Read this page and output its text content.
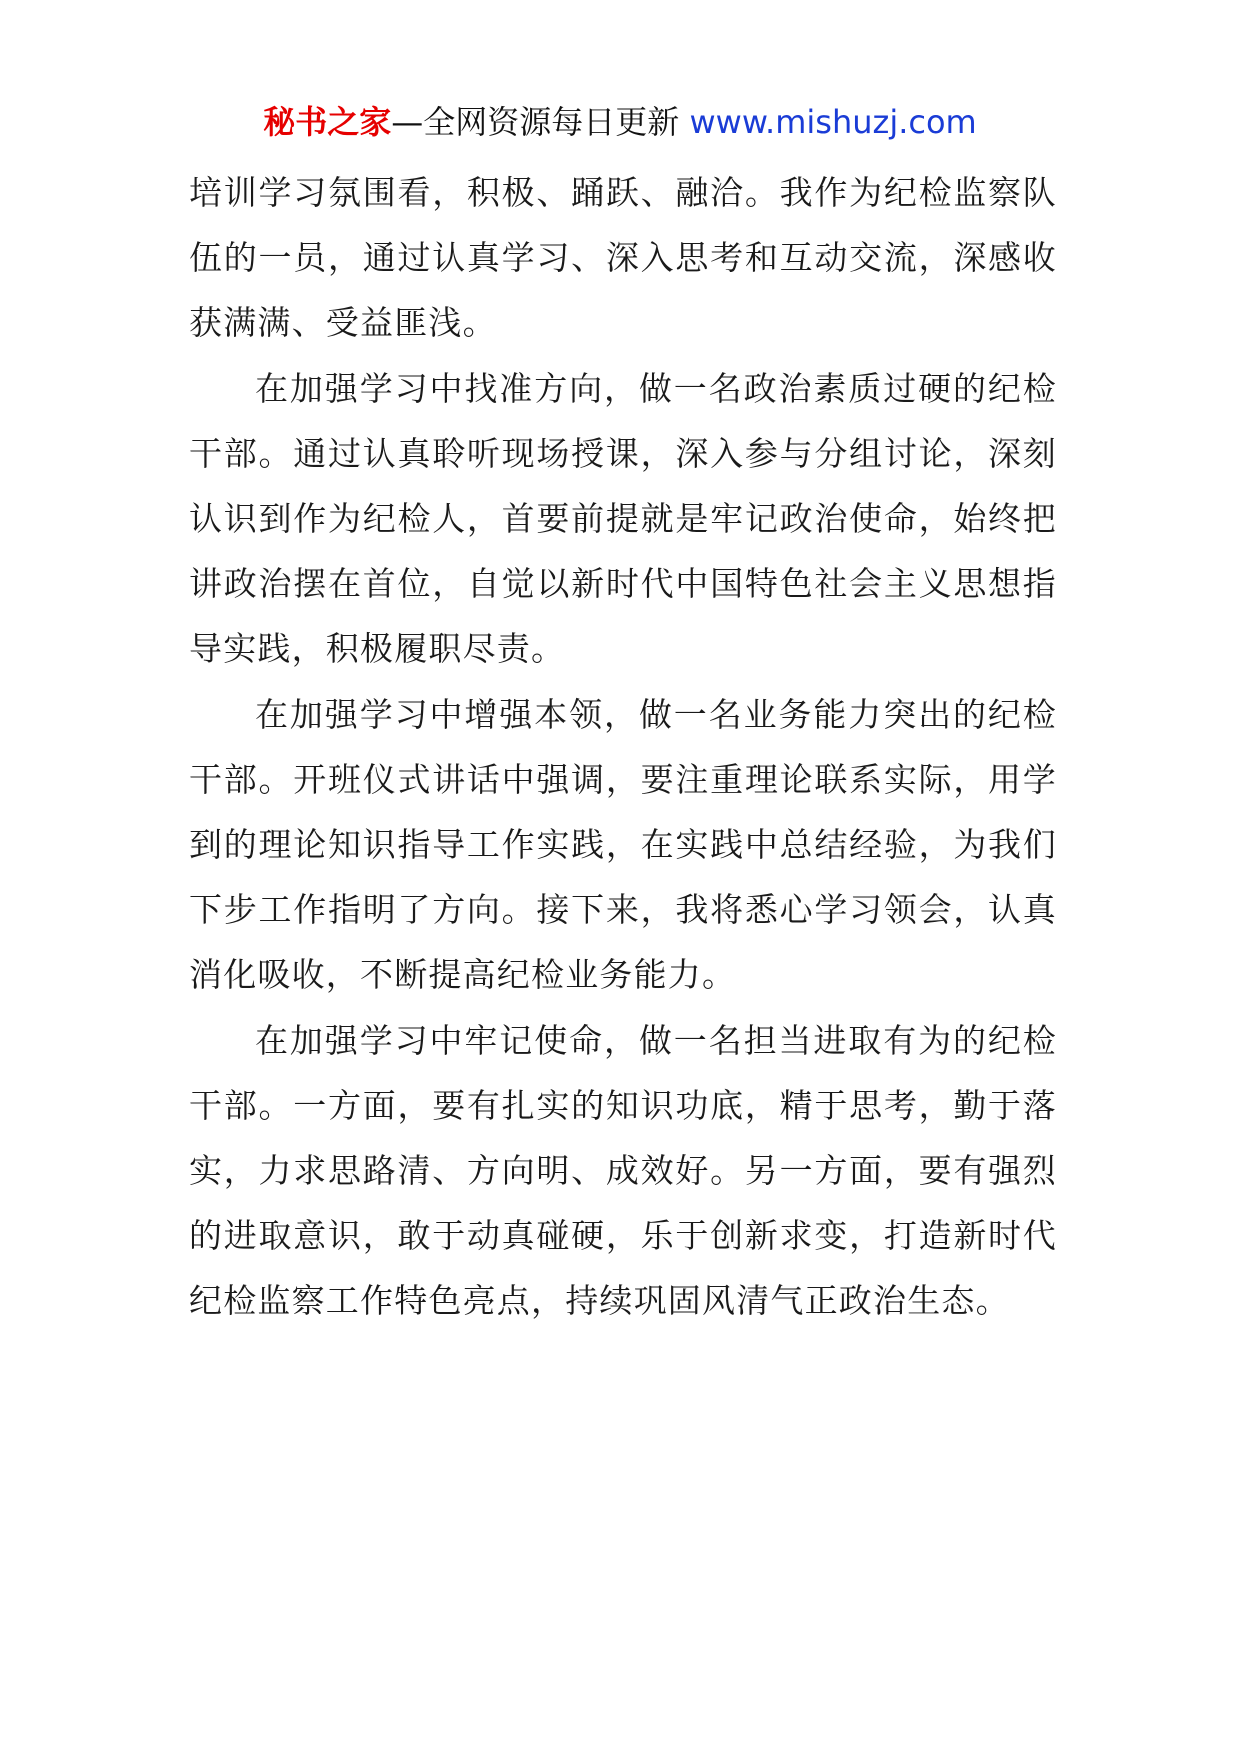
秘书之家—全网资源每日更新 www.mishuzj.com

培训学习氛围看，积极、踊跃、融洽。我作为纪检监察队伍的一员，通过认真学习、深入思考和互动交流，深感收获满满、受益匪浅。

在加强学习中找准方向，做一名政治素质过硬的纪检干部。通过认真聆听现场授课，深入参与分组讨论，深刻认识到作为纪检人，首要前提就是牢记政治使命，始终把讲政治摆在首位，自觉以新时代中国特色社会主义思想指导实践，积极履职尽责。

在加强学习中增强本领，做一名业务能力突出的纪检干部。开班仪式讲话中强调，要注重理论联系实际，用学到的理论知识指导工作实践，在实践中总结经验，为我们下步工作指明了方向。接下来，我将悉心学习领会，认真消化吸收，不断提高纪检业务能力。

在加强学习中牢记使命，做一名担当进取有为的纪检干部。一方面，要有扎实的知识功底，精于思考，勤于落实，力求思路清、方向明、成效好。另一方面，要有强烈的进取意识，敢于动真碰硬，乐于创新求变，打造新时代纪检监察工作特色亮点，持续巩固风清气正政治生态。
